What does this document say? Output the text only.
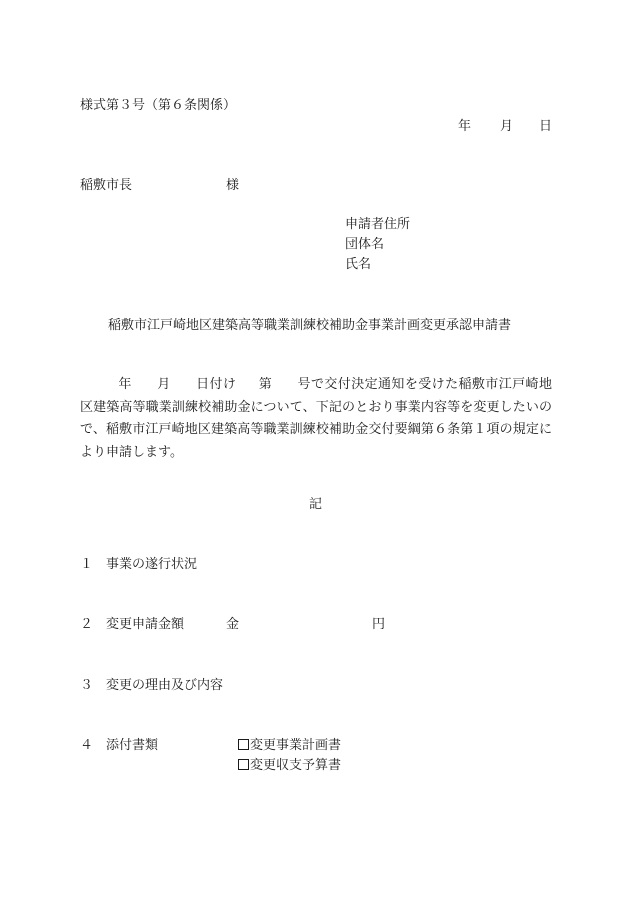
様式第３号（第６条関係）
年 月 日
稲敷市長	様
申請者住所
団体名
氏名
稲敷市江戸崎地区建築高等職業訓練校補助金事業計画変更承認申請書
年 月 日付け 第 号で交付決定通知を受けた稲敷市江戸崎地区建築高等職業訓練校補助金について、下記のとおり事業内容等を変更したいので、稲敷市江戸崎地区建築高等職業訓練校補助金交付要綱第６条第１項の規定により申請します。
記
１ 事業の遂行状況
２ 変更申請金額	金	円
３ 変更の理由及び内容
４ 添付書類	変更事業計画書
変更収支予算書
